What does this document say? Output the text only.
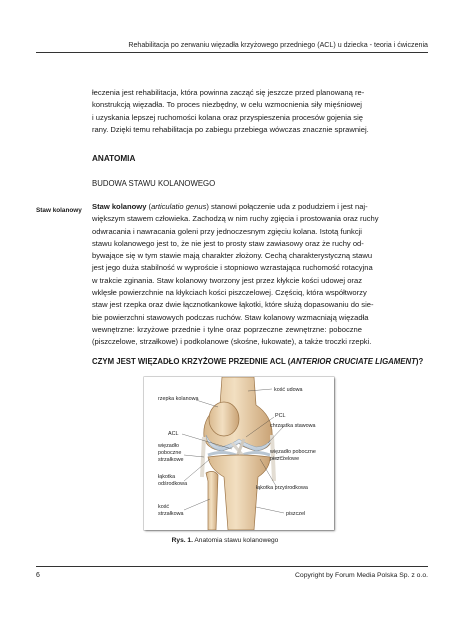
Rehabilitacja po zerwaniu więzadła krzyżowego przedniego (ACL) u dziecka - teoria i ćwiczenia
łeczenia jest rehabilitacja, która powinna zacząć się jeszcze przed planowaną re-
konstrukcją więzadła. To proces niezbędny, w celu wzmocnienia siły mięśniowej
i uzyskania lepszej ruchomości kolana oraz przyspieszenia procesów gojenia się
rany. Dzięki temu rehabilitacja po zabiegu przebiega wówczas znacznie sprawniej.
ANATOMIA
BUDOWA STAWU KOLANOWEGO
Staw kolanowy Staw kolanowy (articulatio genus) stanowi połączenie uda z podudziem i jest naj-
większym stawem człowieka. Zachodzą w nim ruchy zgięcia i prostowania oraz ruchy
odwracania i nawracania goleni przy jednoczesnym zgięciu kolana. Istotą funkcji
stawu kolanowego jest to, że nie jest to prosty staw zawiasowy oraz że ruchy od-
bywające się w tym stawie mają charakter złożony. Cechą charakterystyczną stawu
jest jego duża stabilność w wyproście i stopniowo wzrastająca ruchomość rotacyjna
w trakcie zginania. Staw kolanowy tworzony jest przez kłykcie kości udowej oraz
wklęsłe powierzchnie na kłykciach kości piszczelowej. Częściq, która współtworzy
staw jest rzepka oraz dwie łącznotkankowe łąkotki, które służą dopasowaniu do sie-
bie powierzchni stawowych podczas ruchów. Staw kolanowy wzmacniają więzadła
wewnętrzne: krzyżowe przednie i tylne oraz poprzeczne zewnętrzne: poboczne
(piszczelowe, strzałkowe) i podkolanowe (skośne, łukowate), a także troczki rzepki.
CZYM JEST WIĘZADŁO KRZYŻOWE PRZEDNIE ACL (ANTERIOR CRUCIATE LIGAMENT)?
kość udowa
rzepka kolanowa
PCL
chrząstka stawowa
ACL
więzadło
poboczne
strzałkowe
więzadło poboczne
piszczelowe
łąkotka
odśrodkowa
łąkotka przyśrodkowa
kość
strzałkowa	piszczel
Rys. 1. Anatomia stawu kolanowego
6	Copyright by Forum Media Polska Sp. z o.o.
